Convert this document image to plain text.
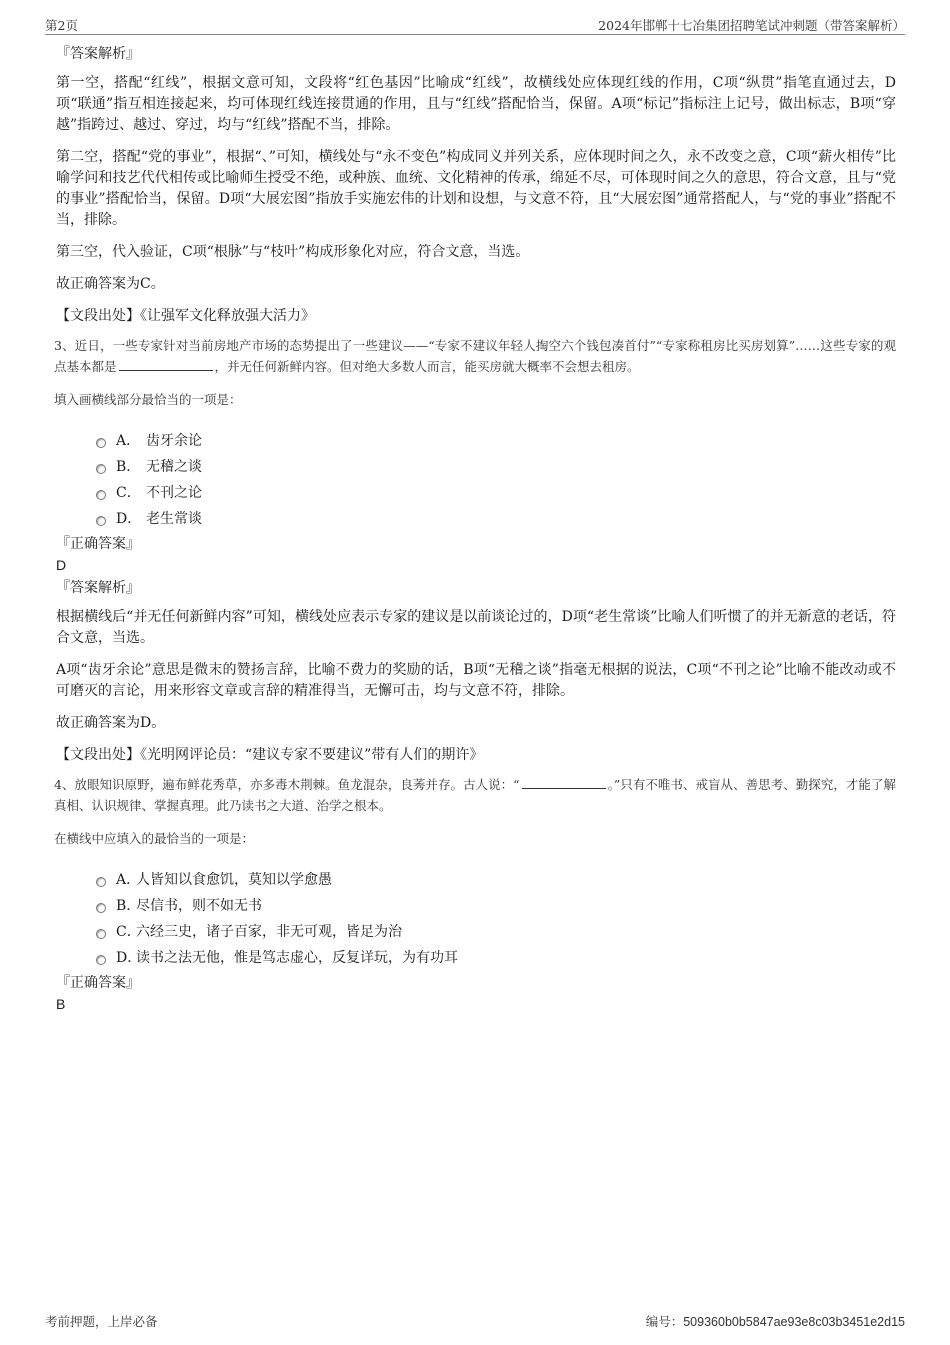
第2页	2024年邯郸十七冶集团招聘笔试冲刺题（带答案解析）
『答案解析』

第一空，搭配“红线”，根据文意可知，文段将“红色基因”比喻成“红线”，故横线处应体现红线的作用，C项“纵贯”指笔直通过去，D项“联通”指互相连接起来，均可体现红线连接贯通的作用，且与“红线”搭配恰当，保留。A项“标记”指标注上记号，做出标志，B项“穿越”指跨过、越过、穿过，均与“红线”搭配不当，排除。

第二空，搭配“党的事业”，根据“、”可知，横线处与“永不变色”构成同义并列关系，应体现时间之久，永不改变之意，C项“薪火相传”比喻学问和技艺代代相传或比喻师生授受不绝，或种族、血统、文化精神的传承，绵延不尽，可体现时间之久的意思，符合文意，且与“党的事业”搭配恰当，保留。D项“大展宏图”指放手实施宏伟的计划和设想，与文意不符，且“大展宏图”通常搭配人，与“党的事业”搭配不当，排除。

第三空，代入验证，C项“根脉”与“枝叶”构成形象化对应，符合文意，当选。

故正确答案为C。

【文段出处】《让强军文化释放强大活力》
3、近日，一些专家针对当前房地产市场的态势提出了一些建议——“专家不建议年轻人掏空六个钱包凑首付”“专家称租房比买房划算”……这些专家的观点基本都是	，并无任何新鲜内容。但对绝大多数人而言，能买房就大概率不会想去租房。
填入画横线部分最恰当的一项是：
A． 齿牙余论
B． 无稽之谈
C． 不刊之论
D． 老生常谈
『正确答案』
D
『答案解析』

根据横线后“并无任何新鲜内容”可知，横线处应表示专家的建议是以前谈论过的，D项“老生常谈”比喻人们听惯了的并无新意的老话，符合文意，当选。

A项“齿牙余论”意思是微末的赞扬言辞，比喻不费力的奖励的话，B项“无稽之谈”指毫无根据的说法，C项“不刊之论”比喻不能改动或不可磨灭的言论，用来形容文章或言辞的精准得当，无懈可击，均与文意不符，排除。

故正确答案为D。

【文段出处】《光明网评论员：“建议专家不要建议”带有人们的期许》
4、放眼知识原野，遍布鲜花秀草，亦多毒木荆棘。鱼龙混杂，良莠并存。古人说：“	。”只有不唯书、戒盲从、善思考、勤探究，才能了解真相、认识规律、掌握真理。此乃读书之大道、治学之根本。
在横线中应填入的最恰当的一项是：
A．
人皆知以食愈饥，莫知以学愈愚
B．
尽信书，则不如无书
C．
六经三史，诸子百家，非无可观，皆足为治
D．
读书之法无他，惟是笃志虚心，反复详玩，为有功耳
『正确答案』
B
考前押题，上岸必备	编号：509360b0b5847ae93e8c03b3451e2d15
